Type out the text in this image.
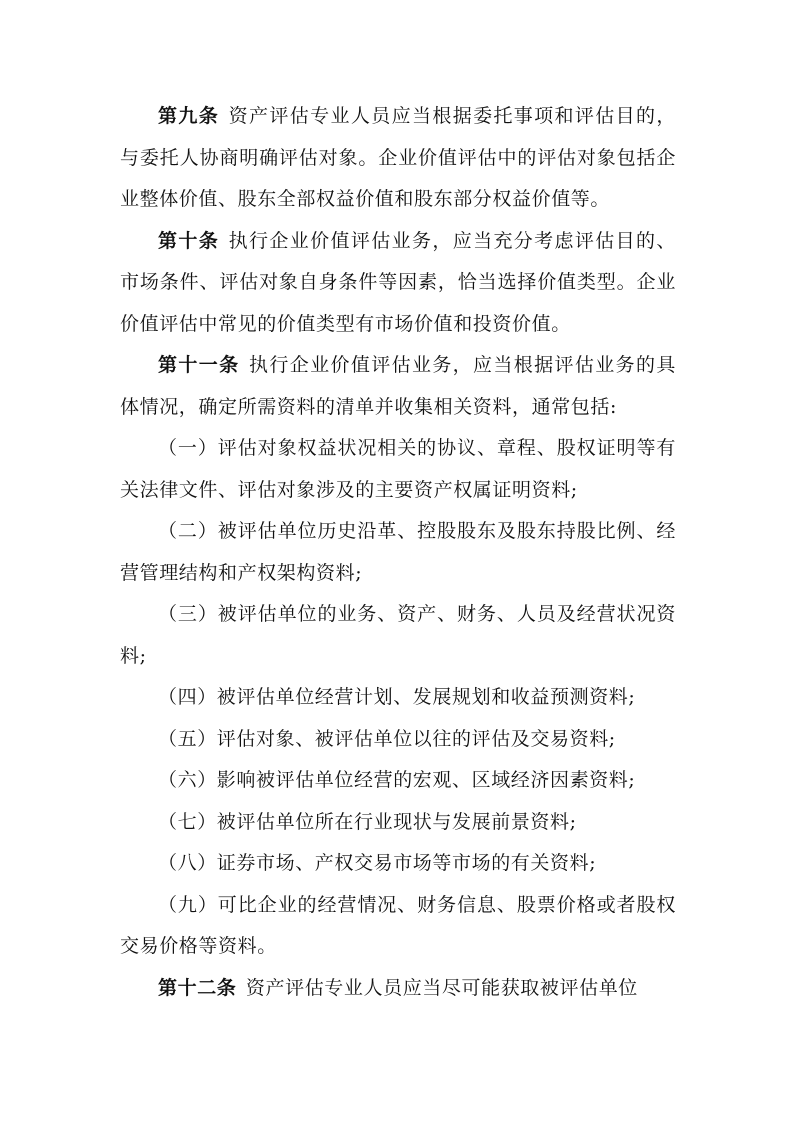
第九条 资产评估专业人员应当根据委托事项和评估目的，与委托人协商明确评估对象。企业价值评估中的评估对象包括企业整体价值、股东全部权益价值和股东部分权益价值等。

第十条 执行企业价值评估业务，应当充分考虑评估目的、市场条件、评估对象自身条件等因素，恰当选择价值类型。企业价值评估中常见的价值类型有市场价值和投资价值。

第十一条 执行企业价值评估业务，应当根据评估业务的具体情况，确定所需资料的清单并收集相关资料，通常包括:

（一）评估对象权益状况相关的协议、章程、股权证明等有关法律文件、评估对象涉及的主要资产权属证明资料;

（二）被评估单位历史沿革、控股股东及股东持股比例、经营管理结构和产权架构资料;

（三）被评估单位的业务、资产、财务、人员及经营状况资料;

（四）被评估单位经营计划、发展规划和收益预测资料;

（五）评估对象、被评估单位以往的评估及交易资料;

（六）影响被评估单位经营的宏观、区域经济因素资料;

（七）被评估单位所在行业现状与发展前景资料;

（八）证券市场、产权交易市场等市场的有关资料;

（九）可比企业的经营情况、财务信息、股票价格或者股权交易价格等资料。

第十二条 资产评估专业人员应当尽可能获取被评估单位
